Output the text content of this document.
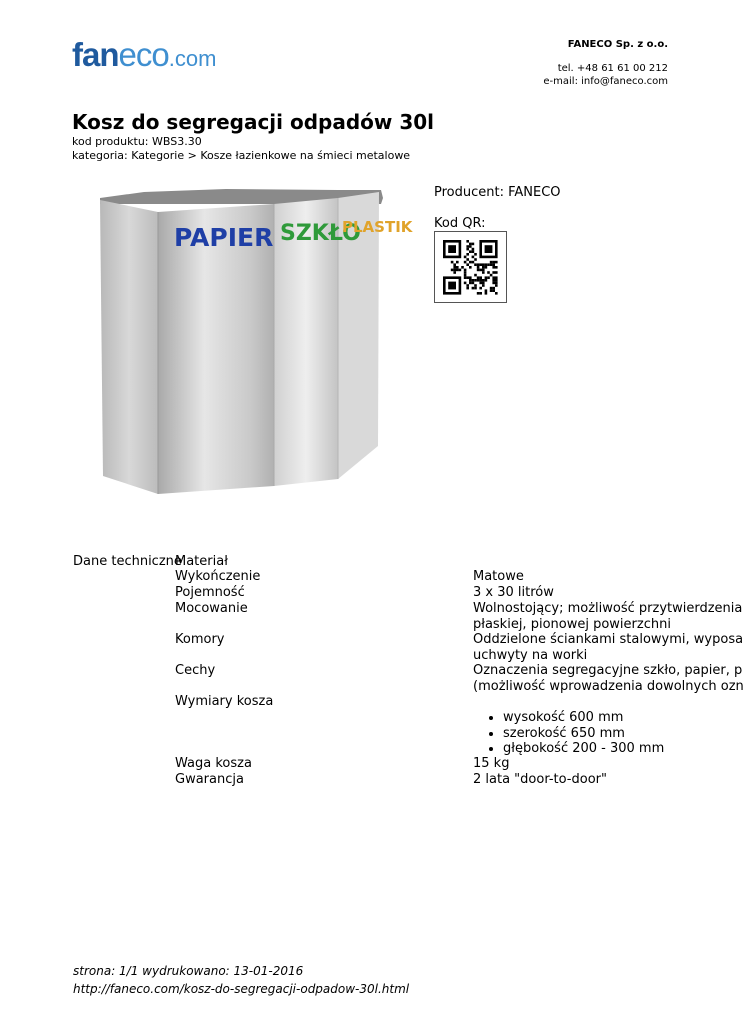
faneco.com
FANECO Sp. z o.o.
tel. +48 61 61 00 212
e-mail: info@faneco.com
Kosz do segregacji odpadów 30l
kod produktu: WBS3.30
kategoria: Kategorie > Kosze łazienkowe na śmieci metalowe
PAPIER SZKŁO
PLASTIK
Producent: FANECO
Kod QR:
Dane techniczne
Materiał
Wykończenie	Matowe
Pojemność	3 x 30 litrów
Mocowanie	Wolnostojący; możliwość przytwierdzenia
płaskiej, pionowej powierzchni
Komory	Oddzielone ściankami stalowymi, wyposa
uchwyty na worki
Cechy	Oznaczenia segregacyjne szkło, papier, p
(możliwość wprowadzenia dowolnych ozn
Wymiary kosza
• wysokość 600 mm
• szerokość 650 mm
• głębokość 200 - 300 mm
Waga kosza	15 kg
Gwarancja	2 lata "door-to-door"
strona: 1/1 wydrukowano: 13-01-2016
http://faneco.com/kosz-do-segregacji-odpadow-30l.html
